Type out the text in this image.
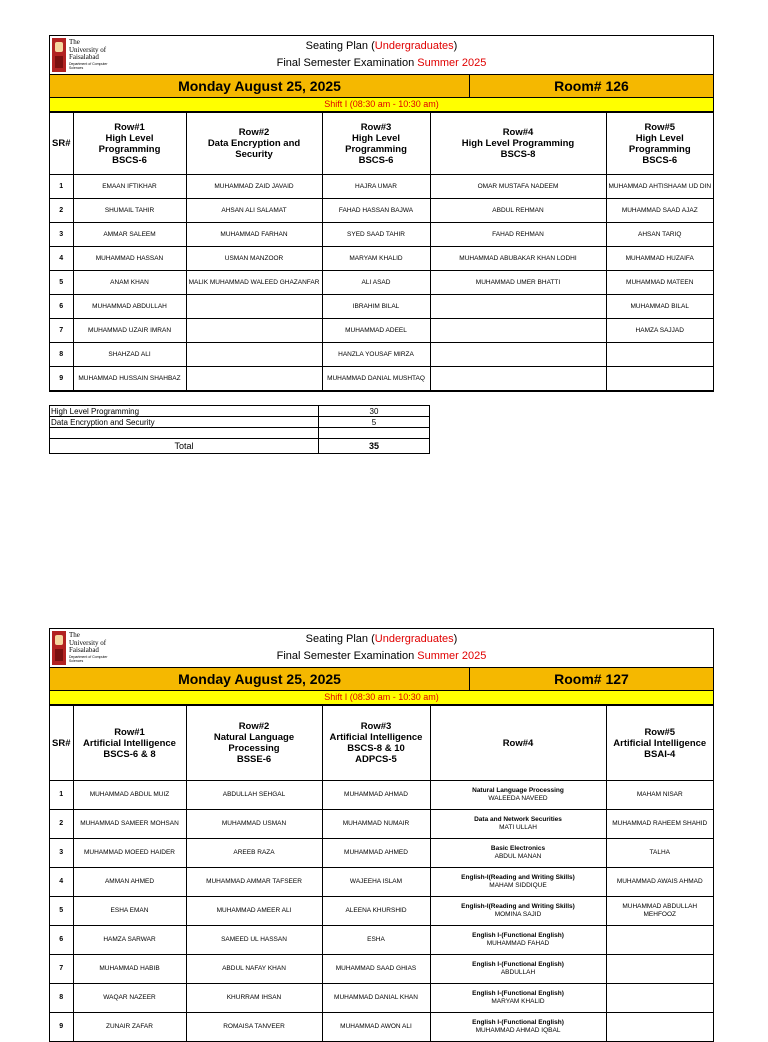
The
University of
Faisalabad
Department of Computer Sciences
Seating Plan (Undergraduates)
Final Semester Examination Summer 2025
Monday August 25, 2025	Room# 126
Shift I (08:30 am - 10:30 am)
SR#	Row#1
High Level
Programming
BSCS-6	Row#2
Data Encryption and
Security	Row#3
High Level
Programming
BSCS-6	Row#4
High Level Programming
BSCS-8	Row#5
High Level
Programming
BSCS-6
1	EMAAN IFTIKHAR	MUHAMMAD ZAID JAVAID	HAJRA UMAR	OMAR MUSTAFA NADEEM	MUHAMMAD AHTISHAAM UD DIN
2	SHUMAIL TAHIR	AHSAN ALI SALAMAT	FAHAD HASSAN BAJWA	ABDUL REHMAN	MUHAMMAD SAAD AJAZ
3	AMMAR SALEEM	MUHAMMAD FARHAN	SYED SAAD TAHIR	FAHAD REHMAN	AHSAN TARIQ
4	MUHAMMAD HASSAN	USMAN MANZOOR	MARYAM KHALID	MUHAMMAD ABUBAKAR KHAN LODHI	MUHAMMAD HUZAIFA
5	ANAM KHAN	MALIK MUHAMMAD WALEED GHAZANFAR	ALI ASAD	MUHAMMAD UMER BHATTI	MUHAMMAD MATEEN
6	MUHAMMAD ABDULLAH		IBRAHIM BILAL		MUHAMMAD BILAL
7	MUHAMMAD UZAIR IMRAN		MUHAMMAD ADEEL		HAMZA SAJJAD
8	SHAHZAD ALI		HANZLA YOUSAF MIRZA		
9	MUHAMMAD HUSSAIN SHAHBAZ		MUHAMMAD DANIAL MUSHTAQ		
High Level Programming	30
Data Encryption and Security	5

Total	35
The
University of
Faisalabad
Department of Computer Sciences
Seating Plan (Undergraduates)
Final Semester Examination Summer 2025
Monday August 25, 2025	Room# 127
Shift I (08:30 am - 10:30 am)
SR#	Row#1
Artificial Intelligence
BSCS-6 & 8	Row#2
Natural Language
Processing
BSSE-6	Row#3
Artificial Intelligence
BSCS-8 & 10
ADPCS-5	Row#4	Row#5
Artificial Intelligence
BSAI-4
1	MUHAMMAD ABDUL MUIZ	ABDULLAH SEHGAL	MUHAMMAD AHMAD	Natural Language Processing
WALEEDA NAVEED	MAHAM NISAR
2	MUHAMMAD SAMEER MOHSAN	MUHAMMAD USMAN	MUHAMMAD NUMAIR	Data and Network Securities
MATI ULLAH	MUHAMMAD RAHEEM SHAHID
3	MUHAMMAD MOEED HAIDER	AREEB RAZA	MUHAMMAD AHMED	Basic Electronics
ABDUL MANAN	TALHA
4	AMMAN AHMED	MUHAMMAD AMMAR TAFSEER	WAJEEHA ISLAM	English-I(Reading and Writing Skills)
MAHAM SIDDIQUE	MUHAMMAD AWAIS AHMAD
5	ESHA EMAN	MUHAMMAD AMEER ALI	ALEENA KHURSHID	English-I(Reading and Writing Skills)
MOMINA SAJID	MUHAMMAD ABDULLAH MEHFOOZ
6	HAMZA SARWAR	SAMEED UL HASSAN	ESHA	English I-(Functional English)
MUHAMMAD FAHAD	
7	MUHAMMAD HABIB	ABDUL NAFAY KHAN	MUHAMMAD SAAD GHIAS	English I-(Functional English)
ABDULLAH	
8	WAQAR NAZEER	KHURRAM IHSAN	MUHAMMAD DANIAL KHAN	English I-(Functional English)
MARYAM KHALID	
9	ZUNAIR ZAFAR	ROMAISA TANVEER	MUHAMMAD AWON ALI	English I-(Functional English)
MUHAMMAD AHMAD IQBAL	
